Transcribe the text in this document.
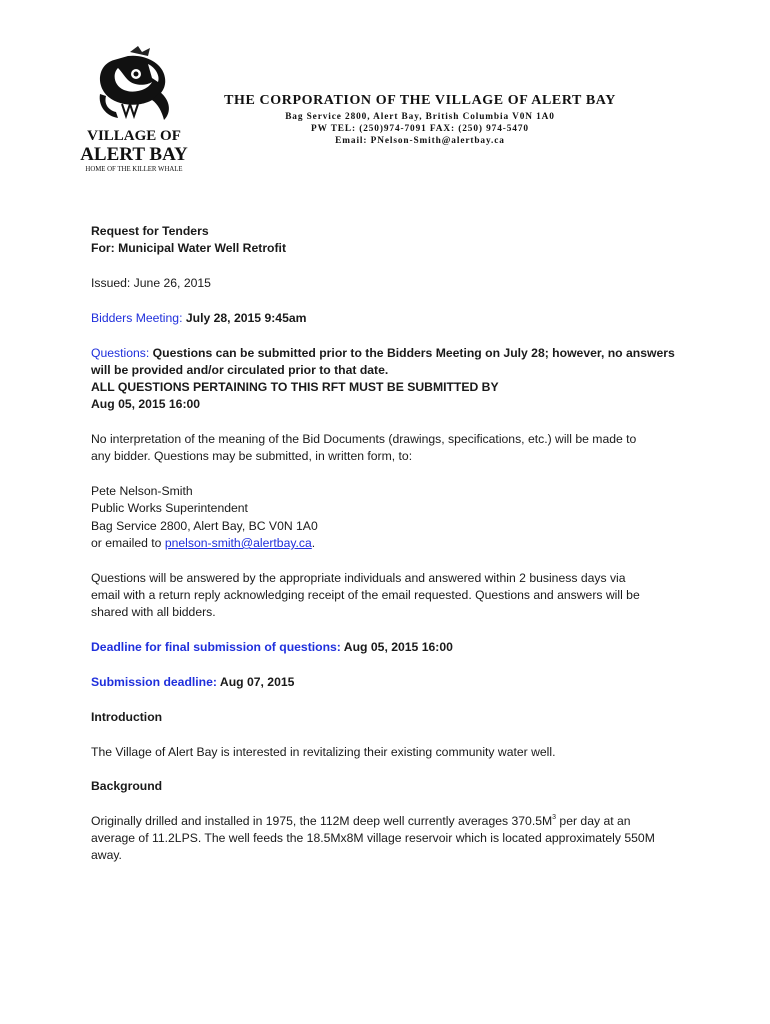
VILLAGE OF
ALERT BAY
HOME OF THE KILLER WHALE
THE CORPORATION OF THE VILLAGE OF ALERT BAY
Bag Service 2800, Alert Bay, British Columbia V0N 1A0
PW TEL: (250)974-7091 FAX: (250) 974-5470
Email: PNelson-Smith@alertbay.ca
Request for Tenders
For: Municipal Water Well Retrofit
Issued: June 26, 2015
Bidders Meeting: July 28, 2015 9:45am
Questions: Questions can be submitted prior to the Bidders Meeting on July 28; however, no answers
will be provided and/or circulated prior to that date.
ALL QUESTIONS PERTAINING TO THIS RFT MUST BE SUBMITTED BY
Aug 05, 2015 16:00
No interpretation of the meaning of the Bid Documents (drawings, specifications, etc.) will be made to
any bidder. Questions may be submitted, in written form, to:
Pete Nelson-Smith
Public Works Superintendent
Bag Service 2800, Alert Bay, BC V0N 1A0
or emailed to pnelson-smith@alertbay.ca.
Questions will be answered by the appropriate individuals and answered within 2 business days via
email with a return reply acknowledging receipt of the email requested. Questions and answers will be
shared with all bidders.
Deadline for final submission of questions: Aug 05, 2015 16:00
Submission deadline: Aug 07, 2015
Introduction
The Village of Alert Bay is interested in revitalizing their existing community water well.
Background
Originally drilled and installed in 1975, the 112M deep well currently averages $370.5M^3$ per day at an
average of 11.2LPS. The well feeds the 18.5Mx8M village reservoir which is located approximately 550M
away.
